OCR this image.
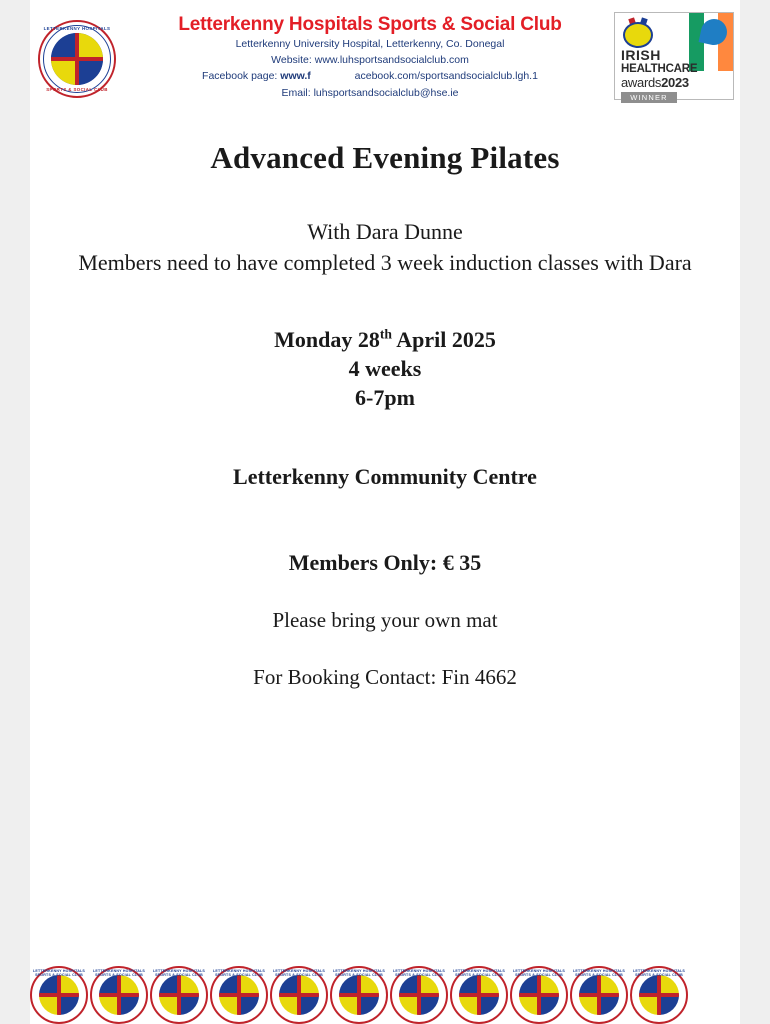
LETTERKENNY HOSPITALS
SPORTS & SOCIAL CLUB
Letterkenny Hospitals Sports & Social Club
Letterkenny University Hospital, Letterkenny, Co. Donegal
Website: www.luhsportsandsocialclub.com
Facebook page: www.f	acebook.com/sportsandsocialclub.lgh.1
Email: luhsportsandsocialclub@hse.ie
IRISH
HEALTHCARE
awards2023
WINNER
Advanced Evening Pilates
With Dara Dunne
Members need to have completed 3 week induction classes with Dara
Monday 28th April 2025
4 weeks
6-7pm
Letterkenny Community Centre
Members Only: € 35
Please bring your own mat
For Booking Contact: Fin 4662
LETTERKENNY HOSPITALS SPORTS & SOCIAL CLUB
LETTERKENNY HOSPITALS SPORTS & SOCIAL CLUB
LETTERKENNY HOSPITALS SPORTS & SOCIAL CLUB
LETTERKENNY HOSPITALS SPORTS & SOCIAL CLUB
LETTERKENNY HOSPITALS SPORTS & SOCIAL CLUB
LETTERKENNY HOSPITALS SPORTS & SOCIAL CLUB
LETTERKENNY HOSPITALS SPORTS & SOCIAL CLUB
LETTERKENNY HOSPITALS SPORTS & SOCIAL CLUB
LETTERKENNY HOSPITALS SPORTS & SOCIAL CLUB
LETTERKENNY HOSPITALS SPORTS & SOCIAL CLUB
LETTERKENNY HOSPITALS SPORTS & SOCIAL CLUB
